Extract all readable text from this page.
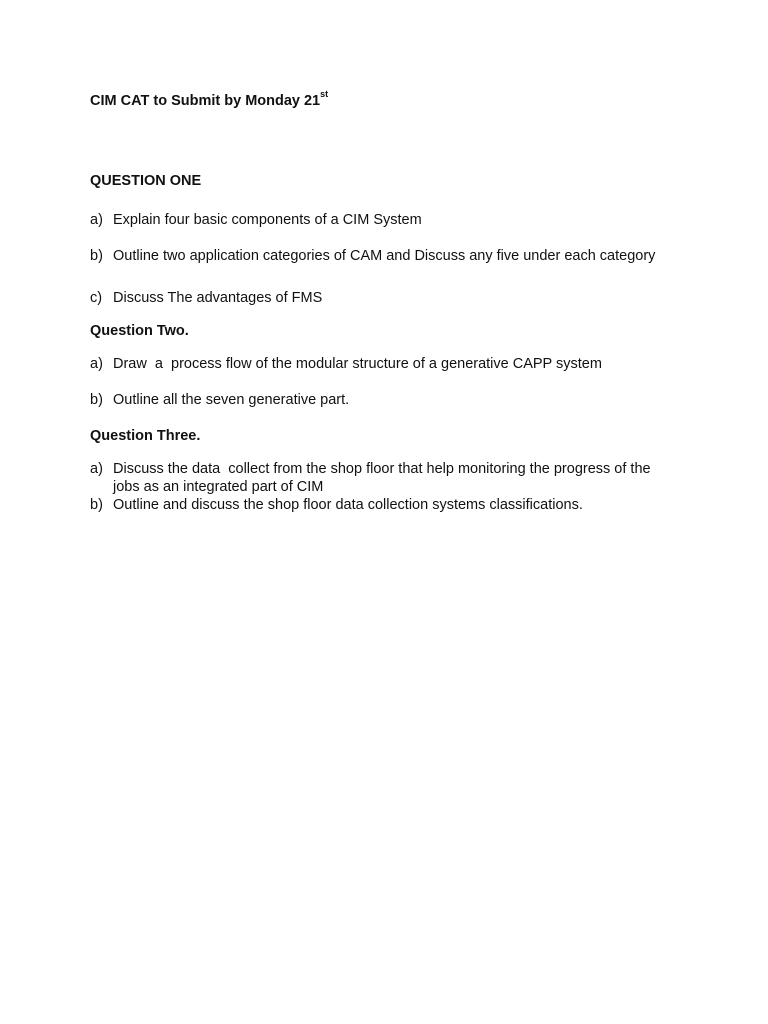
CIM CAT to Submit by Monday 21st
QUESTION ONE
a) Explain four basic components of a CIM System
b) Outline two application categories of CAM and Discuss any five under each category
c) Discuss The advantages of FMS
Question Two.
a) Draw  a  process flow of the modular structure of a generative CAPP system
b) Outline all the seven generative part.
Question Three.
a) Discuss the data  collect from the shop floor that help monitoring the progress of the jobs as an integrated part of CIM
b) Outline and discuss the shop floor data collection systems classifications.
